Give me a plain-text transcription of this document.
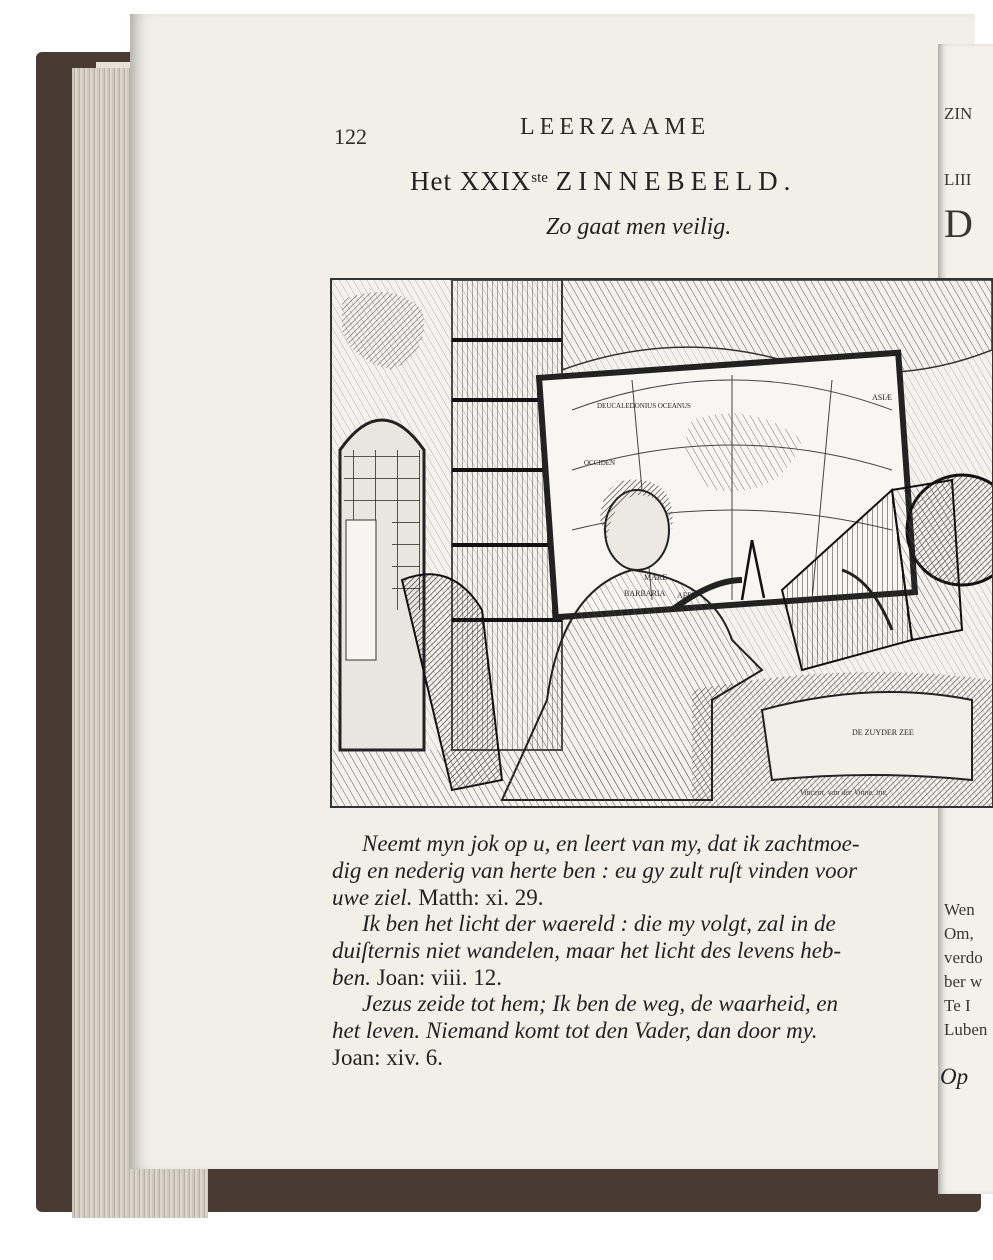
ZIN
LIII
D
Wen
Om,
verdo
ber w
Te I
Luben
122	LEERZAAME
Het XXIXste ZINNEBEELD.
Zo gaat men veilig.
DEUCALEDONIUS OCEANUS
ASIÆ
OCCIDEN
DE ZUYDER ZEE
Vincent. van der Vinne. inv.
Neemt myn jok op u, en leert van my, dat ik zachtmoe-
dig en nederig van herte ben : eu gy zult ruſt vinden voor
uwe ziel. Matth: xi. 29.
Ik ben het licht der waereld : die my volgt, zal in de
duiſternis niet wandelen, maar het licht des levens heb-
ben. Joan: viii. 12.
Jezus zeide tot hem; Ik ben de weg, de waarheid, en
het leven. Niemand komt tot den Vader, dan door my.
Joan: xiv. 6.
Op
